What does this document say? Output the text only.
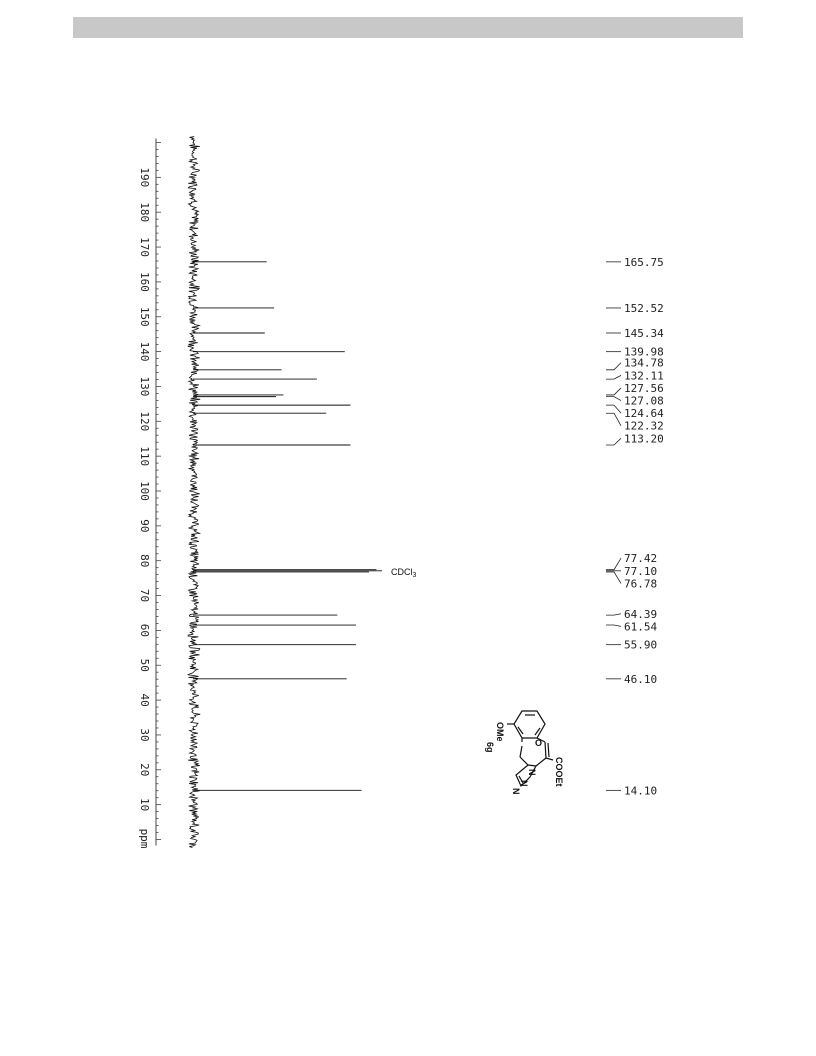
190
180
170
160
150
140
130
120
110
100
90
80
70
60
50
40
30
20
10
ppm
165.75
152.52
145.34
139.98
134.78
132.11
127.56
127.08
124.64
122.32
113.20
77.42
77.10
76.78
64.39
61.54
55.90
46.10
14.10
CDCl$_3$
O
OMe
6g
COOEt
N
N
N
